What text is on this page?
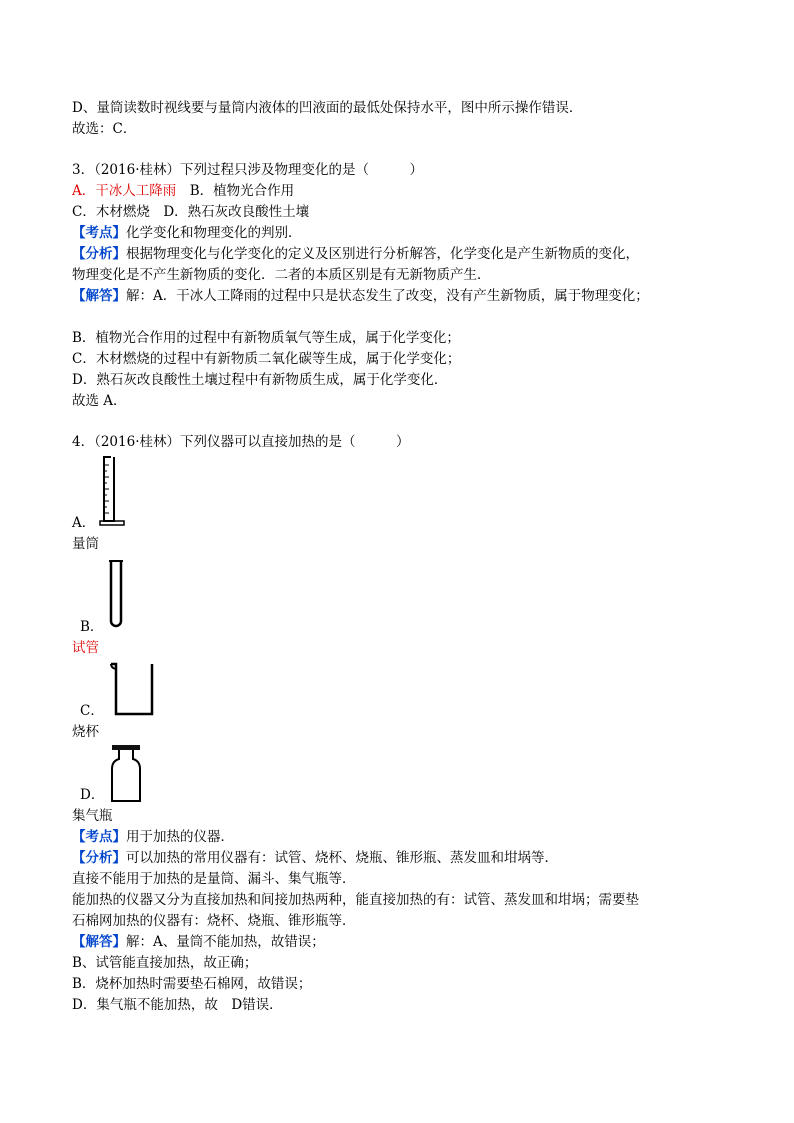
D、量筒读数时视线要与量筒内液体的凹液面的最低处保持水平，图中所示操作错误．
故选：C．
3．（2016·桂林）下列过程只涉及物理变化的是（　　　）
A．干冰人工降雨　B．植物光合作用
C．木材燃烧　D．熟石灰改良酸性土壤
【考点】化学变化和物理变化的判别．
【分析】根据物理变化与化学变化的定义及区别进行分析解答，化学变化是产生新物质的变化，
物理变化是不产生新物质的变化．二者的本质区别是有无新物质产生．
【解答】解：A．干冰人工降雨的过程中只是状态发生了改变，没有产生新物质，属于物理变化；
B．植物光合作用的过程中有新物质氧气等生成，属于化学变化；
C．木材燃烧的过程中有新物质二氧化碳等生成，属于化学变化；
D．熟石灰改良酸性土壤过程中有新物质生成，属于化学变化．
故选 A．
4．（2016·桂林）下列仪器可以直接加热的是（　　　）
A．
量筒
B．
试管
C．
烧杯
D．
集气瓶
【考点】用于加热的仪器．
【分析】可以加热的常用仪器有：试管、烧杯、烧瓶、锥形瓶、蒸发皿和坩埚等．
直接不能用于加热的是量筒、漏斗、集气瓶等．
能加热的仪器又分为直接加热和间接加热两种，能直接加热的有：试管、蒸发皿和坩埚；需要垫
石棉网加热的仪器有：烧杯、烧瓶、锥形瓶等．
【解答】解：A、量筒不能加热，故错误；
B、试管能直接加热，故正确；
B．烧杯加热时需要垫石棉网，故错误；
D．集气瓶不能加热，故　D错误．
